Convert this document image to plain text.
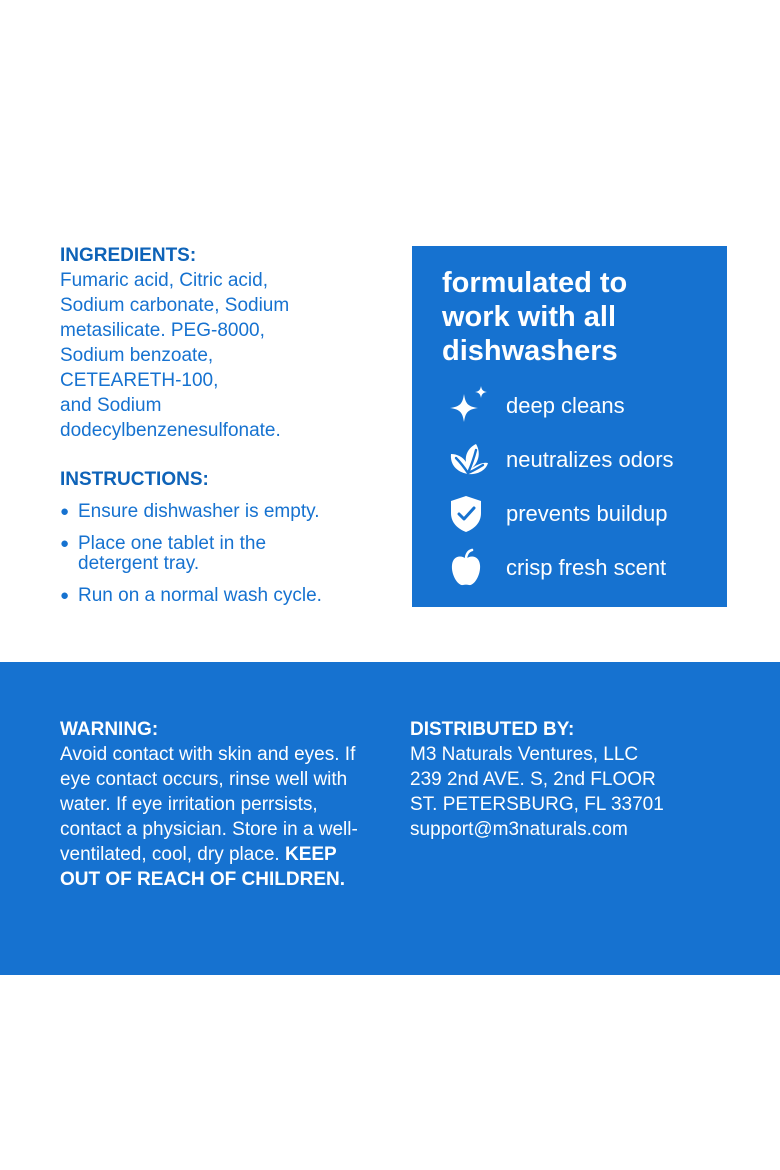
INGREDIENTS:
Fumaric acid, Citric acid,
Sodium carbonate, Sodium
metasilicate. PEG-8000,
Sodium benzoate,
CETEARETH-100,
and Sodium
dodecylbenzenesulfonate.
INSTRUCTIONS:
● Ensure dishwasher is empty.
● Place one tablet in the
detergent tray.
● Run on a normal wash cycle.
formulated to
work with all
dishwashers
deep cleans
neutralizes odors
prevents buildup
crisp fresh scent
WARNING:
Avoid contact with skin and eyes. If eye contact occurs, rinse well with water. If eye irritation perrsists, contact a physician. Store in a well-ventilated, cool, dry place. KEEP OUT OF REACH OF CHILDREN.
DISTRIBUTED BY:
M3 Naturals Ventures, LLC
239 2nd AVE. S, 2nd FLOOR
ST. PETERSBURG, FL 33701
support@m3naturals.com
